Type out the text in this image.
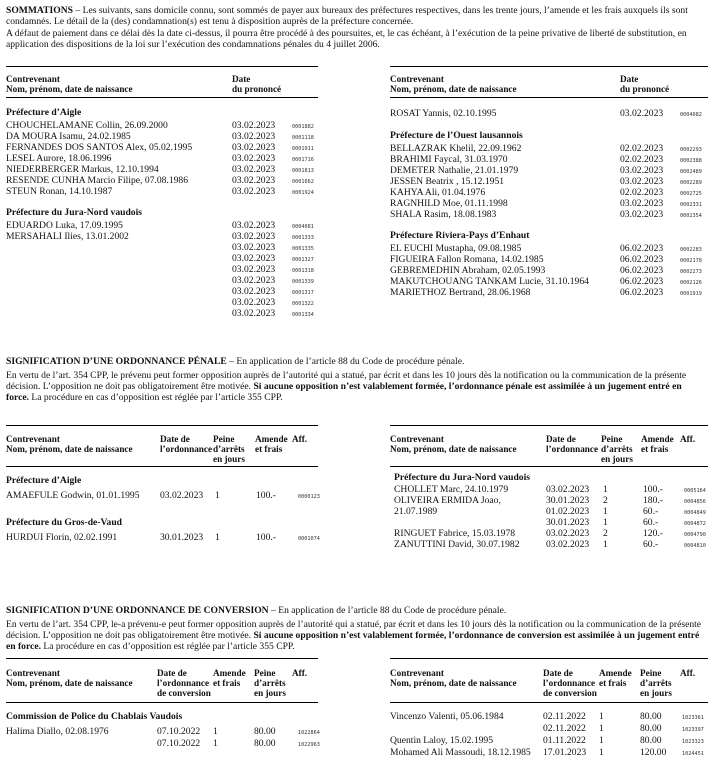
SOMMATIONS – Les suivants, sans domicile connu, sont sommés de payer aux bureaux des préfectures respectives, dans les trente jours, l’amende et les frais auxquels ils sont condamnés. Le détail de la (des) condamnation(s) est tenu à disposition auprès de la préfecture concernée.
A défaut de paiement dans ce délai dès la date ci-dessus, il pourra être procédé à des poursuites, et, le cas échéant, à l’exécution de la peine privative de liberté de substitution, en application des dispositions de la loi sur l’exécution des condamnations pénales du 4 juillet 2006.
Contrevenant
Nom, prénom, date de naissance
Date
du prononcé
Préfecture d’Aigle
CHOUCHELAMANE Collin, 26.09.2000	03.02.2023	0001882
DA MOURA Isamu, 24.02.1985	03.02.2023	0001118
FERNANDES DOS SANTOS Alex, 05.02.1995	03.02.2023	0001911
LESEL Aurore, 18.06.1996	03.02.2023	0001716
NIEDERBERGER Markus, 12.10.1994	03.02.2023	0001813
RESENDE CUNHA Marcio Filipe, 07.08.1986	03.02.2023	0001662
STEUN Ronan, 14.10.1987	03.02.2023	0001924
Préfecture du Jura-Nord vaudois
EDUARDO Luka, 17.09.1995	03.02.2023	0004081
MERSAHALI Ilies, 13.01.2002	03.02.2023	0001333
03.02.2023	0001335
03.02.2023	0001327
03.02.2023	0001318
03.02.2023	0001339
03.02.2023	0001317
03.02.2023	0001322
03.02.2023	0001334
Contrevenant
Nom, prénom, date de naissance
Date
du prononcé
ROSAT Yannis, 02.10.1995	03.02.2023	0004082
Préfecture de l’Ouest lausannois
BELLAZRAK Khelil, 22.09.1962	02.02.2023	0002293
BRAHIMI Faycal, 31.03.1970	02.02.2023	0002388
DEMETER Nathalie, 21.01.1979	03.02.2023	0002489
JESSEN Beatrix , 15.12.1951	03.02.2023	0002289
KAHYA Ali, 01.04.1976	02.02.2023	0002725
RAGNHILD Moe, 01.11.1998	03.02.2023	0002331
SHALA Rasim, 18.08.1983	03.02.2023	0002354
Préfecture Riviera-Pays d’Enhaut
EL EUCHI Mustapha, 09.08.1985	06.02.2023	0002283
FIGUEIRA Fallon Romana, 14.02.1985	06.02.2023	0002178
GEBREMEDHIN Abraham, 02.05.1993	06.02.2023	0002273
MAKUTCHOUANG TANKAM Lucie, 31.10.1964	06.02.2023	0002126
MARIETHOZ Bertrand, 28.06.1968	06.02.2023	0001919
SIGNIFICATION D’UNE ORDONNANCE PÉNALE – En application de l’article 88 du Code de procédure pénale.
En vertu de l’art. 354 CPP, le prévenu peut former opposition auprès de l’autorité qui a statué, par écrit et dans les 10 jours dès la notification ou la communication de la présente décision. L’opposition ne doit pas obligatoirement être motivée. Si aucune opposition n’est valablement formée, l’ordonnance pénale est assimilée à un jugement entré en force. La procédure en cas d’opposition est réglée par l’article 355 CPP.
Contrevenant
Nom, prénom, date de naissance
Date de
l’ordonnance
Peine
d’arrêts
en jours
Amende
et frais
Aff.
Préfecture d’Aigle
AMAEFULE Godwin, 01.01.1995 03.02.2023 1	100.-	0000123
Préfecture du Gros-de-Vaud
HURDUI Florin, 02.02.1991	30.01.2023 1	100.-	0001074
Contrevenant
Nom, prénom, date de naissance
Date de
l’ordonnance
Peine
d’arrêts
en jours
Amende
et frais
Aff.
Préfecture du Jura-Nord vaudois
CHOLLET Marc, 24.10.1979	03.02.2023 1	100.-	0005164
OLIVEIRA ERMIDA Joao,	30.01.2023 2	180.-	0004856
21.07.1989	01.02.2023 1	60.-	0004849
30.01.2023 1	60.-	0004872
RINGUET Fabrice, 15.03.1978	03.02.2023 2	120.-	0004790
ZANUTTINI David, 30.07.1982	03.02.2023 1	60.-	0004810
SIGNIFICATION D’UNE ORDONNANCE DE CONVERSION – En application de l’article 88 du Code de procédure pénale.
En vertu de l’art. 354 CPP, le-a prévenu-e peut former opposition auprès de l’autorité qui a statué, par écrit et dans les 10 jours dès la notification ou la communication de la présente décision. L’opposition ne doit pas obligatoirement être motivée. Si aucune opposition n’est valablement formée, l’ordonnance de conversion est assimilée à un jugement entré en force. La procédure en cas d’opposition est réglée par l’article 355 CPP.
Contrevenant
Nom, prénom, date de naissance
Date de
l’ordonnance
de conversion
Amende
et frais
Peine
d’arrêts
en jours
Aff.
Commission de Police du Chablais Vaudois
Halima Diallo, 02.08.1976	07.10.2022 1	80.00	1022864
07.10.2022 1	80.00	1022963
Contrevenant
Nom, prénom, date de naissance
Date de
l’ordonnance
de conversion
Amende
et frais
Peine
d’arrêts
en jours
Aff.
Vincenzo Valenti, 05.06.1984	02.11.2022 1	80.00	1023361
02.11.2022 1	80.00	1023397
Quentin Laloy, 15.02.1995	01.11.2022 1	80.00	1023323
Mohamed Ali Massoudi, 18.12.1985 17.01.2023 1	120.00	1024451
